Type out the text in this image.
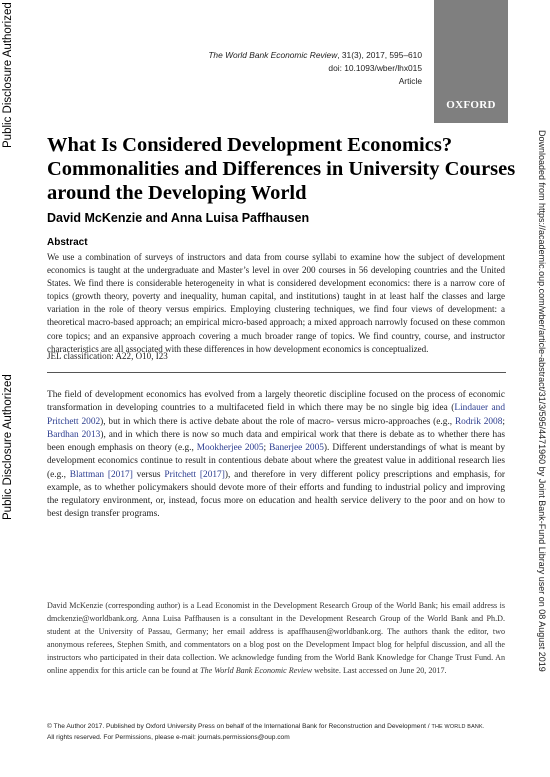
Public Disclosure Authorized
Public Disclosure Authorized	Downloaded from https://academic.oup.com/wber/article-abstract/31/3/595/4471960 by Joint Bank-Fund Library user on 08 August 2019
The World Bank Economic Review, 31(3), 2017, 595–610
doi: 10.1093/wber/lhx015
Article
OXFORD
What Is Considered Development Economics?
Commonalities and Differences in University Courses
around the Developing World
David McKenzie and Anna Luisa Paffhausen
Abstract

We use a combination of surveys of instructors and data from course syllabi to examine how the subject of development economics is taught at the undergraduate and Master’s level in over 200 courses in 56 developing countries and the United States. We find there is considerable heterogeneity in what is considered development economics: there is a narrow core of topics (growth theory, poverty and inequality, human capital, and institutions) taught in at least half the classes and large variation in the role of theory versus empirics. Employing clustering techniques, we find four views of development: a theoretical macro-based approach; an empirical micro-based approach; a mixed approach narrowly focused on these common core topics; and an expansive approach covering a much broader range of topics. We find country, course, and instructor characteristics are all associated with these differences in how development economics is conceptualized.

JEL classification: A22, O10, I23

The field of development economics has evolved from a largely theoretic discipline focused on the process of economic transformation in developing countries to a multifaceted field in which there may be no single big idea (Lindauer and Pritchett 2002), but in which there is active debate about the role of macro- versus micro-approaches (e.g., Rodrik 2008; Bardhan 2013), and in which there is now so much data and empirical work that there is debate as to whether there has been enough emphasis on theory (e.g., Mookherjee 2005; Banerjee 2005). Different understandings of what is meant by development economics continue to result in contentious debate about where the greatest value in additional research lies (e.g., Blattman [2017] versus Pritchett [2017]), and therefore in very different policy prescriptions and emphasis, for example, as to whether policymakers should devote more of their efforts and funding to industrial policy and improving the regulatory environment, or, instead, focus more on education and health service delivery to the poor and on how to best design transfer programs.

David McKenzie (corresponding author) is a Lead Economist in the Development Research Group of the World Bank; his email address is dmckenzie@worldbank.org. Anna Luisa Paffhausen is a consultant in the Development Research Group of the World Bank and Ph.D. student at the University of Passau, Germany; her email address is apaffhausen@worldbank.org. The authors thank the editor, two anonymous referees, Stephen Smith, and commentators on a blog post on the Development Impact blog for helpful discussion, and all the instructors who participated in their data collection. We acknowledge funding from the World Bank Knowledge for Change Trust Fund. An online appendix for this article can be found at The World Bank Economic Review website. Last accessed on June 20, 2017.

© The Author 2017. Published by Oxford University Press on behalf of the International Bank for Reconstruction and Development / THE WORLD BANK.
All rights reserved. For Permissions, please e-mail: journals.permissions@oup.com
